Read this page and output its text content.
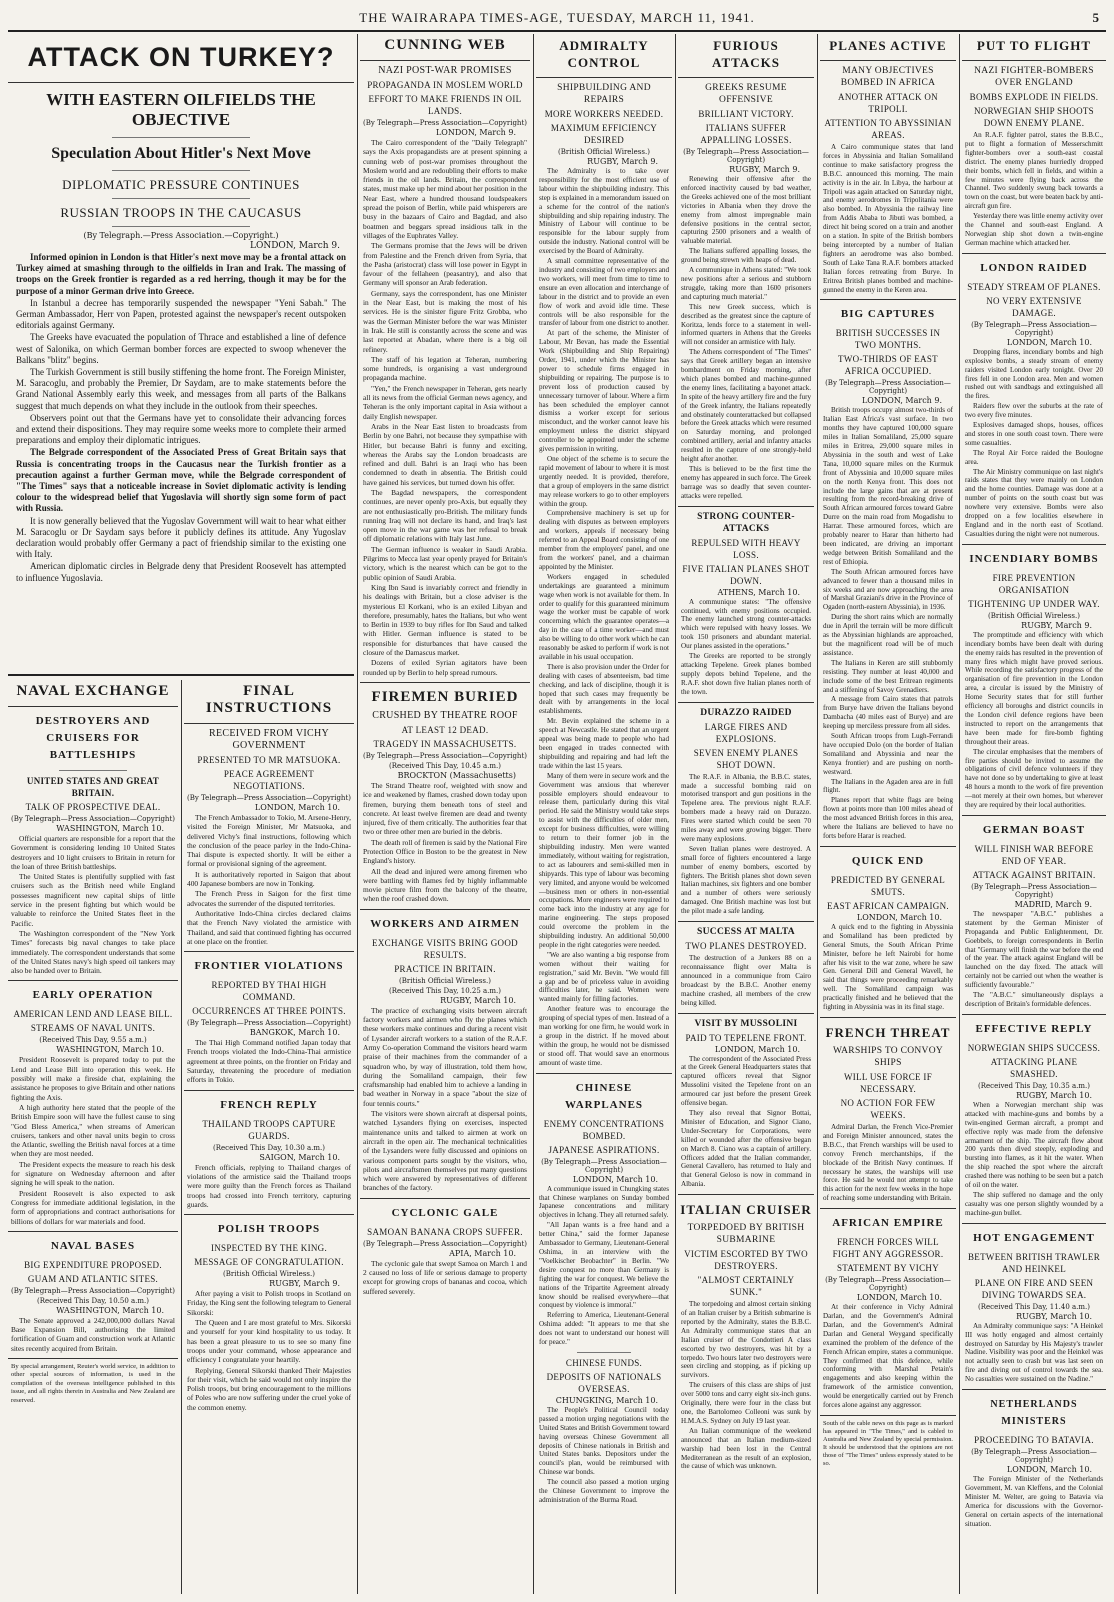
THE WAIRARAPA TIMES-AGE, TUESDAY, MARCH 11, 1941.	5
ATTACK ON TURKEY?
WITH EASTERN OILFIELDS THE OBJECTIVE
Speculation About Hitler's Next Move
DIPLOMATIC PRESSURE CONTINUES
RUSSIAN TROOPS IN THE CAUCASUS
(By Telegraph.—Press Association.—Copyright.)
LONDON, March 9.

Informed opinion in London is that Hitler's next move may be a frontal attack on Turkey aimed at smashing through to the oilfields in Iran and Irak. The massing of troops on the Greek frontier is regarded as a red herring, though it may be for the purpose of a minor German drive into Greece.

In Istanbul a decree has temporarily suspended the newspaper "Yeni Sabah." The German Ambassador, Herr von Papen, protested against the newspaper's recent outspoken editorials against Germany.

The Greeks have evacuated the population of Thrace and established a line of defence west of Salonika, on which German bomber forces are expected to swoop whenever the Balkans "blitz" begins.

The Turkish Government is still busily stiffening the home front. The Foreign Minister, M. Saracoglu, and probably the Premier, Dr Saydam, are to make statements before the Grand National Assembly early this week, and messages from all parts of the Balkans suggest that much depends on what they include in the outlook from their speeches.

Observers point out that the Germans have yet to consolidate their advancing forces and extend their dispositions. They may require some weeks more to complete their armed preparations and employ their diplomatic intrigues.

The Belgrade correspondent of the Associated Press of Great Britain says that Russia is concentrating troops in the Caucasus near the Turkish frontier as a precaution against a further German move, while the Belgrade correspondent of "The Times" says that a noticeable increase in Soviet diplomatic activity is lending colour to the widespread belief that Yugoslavia will shortly sign some form of pact with Russia.

It is now generally believed that the Yugoslav Government will wait to hear what either M. Saracoglu or Dr Saydam says before it publicly defines its attitude. Any Yugoslav declaration would probably offer Germany a pact of friendship similar to the existing one with Italy.

American diplomatic circles in Belgrade deny that President Roosevelt has attempted to influence Yugoslavia.

NAVAL EXCHANGE
DESTROYERS AND CRUISERS FOR BATTLESHIPS
UNITED STATES AND GREAT BRITAIN.
TALK OF PROSPECTIVE DEAL.
(By Telegraph—Press Association—Copyright)
WASHINGTON, March 10.

Official quarters are responsible for a report that the Government is considering lending 10 United States destroyers and 10 light cruisers to Britain in return for the loan of three British battleships.

The United States is plentifully supplied with fast cruisers such as the British need while England possesses magnificent new capital ships of little service in the present fighting but which would be valuable to reinforce the United States fleet in the Pacific.

The Washington correspondent of the "New York Times" forecasts big naval changes to take place immediately. The correspondent understands that some of the United States navy's high speed oil tankers may also be handed over to Britain.

EARLY OPERATION
AMERICAN LEND AND LEASE BILL.
STREAMS OF NAVAL UNITS.
(Received This Day, 9.55 a.m.)
WASHINGTON, March 10.

President Roosevelt is prepared today to put the Lend and Lease Bill into operation this week. He possibly will make a fireside chat, explaining the assistance he proposes to give Britain and other nations fighting the Axis.

A high authority here stated that the people of the British Empire soon will have the fullest cause to sing "God Bless America," when streams of American cruisers, tankers and other naval units begin to cross the Atlantic, swelling the British naval forces at a time when they are most needed.

The President expects the measure to reach his desk for signature on Wednesday afternoon and after signing he will speak to the nation.

President Roosevelt is also expected to ask Congress for immediate additional legislation, in the form of appropriations and contract authorisations for billions of dollars for war materials and food.

NAVAL BASES
BIG EXPENDITURE PROPOSED.
GUAM AND ATLANTIC SITES.
(By Telegraph—Press Association—Copyright)
(Received This Day, 10.50 a.m.)
WASHINGTON, March 10.

The Senate approved a 242,000,000 dollars Naval Base Expansion Bill, authorising the limited fortification of Guam and construction work at Atlantic sites recently acquired from Britain.

By special arrangement, Reuter's world service, in addition to other special sources of information, is used in the compilation of the overseas intelligence published in this issue, and all rights therein in Australia and New Zealand are reserved.
FINAL INSTRUCTIONS
RECEIVED FROM VICHY GOVERNMENT
PRESENTED TO MR MATSUOKA.
PEACE AGREEMENT NEGOTIATIONS.
(By Telegraph—Press Association—Copyright)
LONDON, March 10.

The French Ambassador to Tokio, M. Arsene-Henry, visited the Foreign Minister, Mr Matsuoka, and delivered Vichy's final instructions, following which the conclusion of the peace parley in the Indo-China-Thai dispute is expected shortly. It will be either a formal or provisional signing of the agreement.

It is authoritatively reported in Saigon that about 400 Japanese bombers are now in Tonking.

The French Press in Saigon for the first time advocates the surrender of the disputed territories.

Authoritative Indo-China circles declared claims that the French Navy violated the armistice with Thailand, and said that continued fighting has occurred at one place on the frontier.

FRONTIER VIOLATIONS
REPORTED BY THAI HIGH COMMAND.
OCCURRENCES AT THREE POINTS.
(By Telegraph—Press Association—Copyright)
BANGKOK, March 10.

The Thai High Command notified Japan today that French troops violated the Indo-China-Thai armistice agreement at three points, on the frontier on Friday and Saturday, threatening the procedure of mediation efforts in Tokio.

FRENCH REPLY
THAILAND TROOPS CAPTURE GUARDS.
(Received This Day, 10.30 a.m.)
SAIGON, March 10.

French officials, replying to Thailand charges of violations of the armistice said the Thailand troops were more guilty than the French forces as Thailand troops had crossed into French territory, capturing guards.

POLISH TROOPS
INSPECTED BY THE KING.
MESSAGE OF CONGRATULATION.
(British Official Wireless.)
RUGBY, March 9.

After paying a visit to Polish troops in Scotland on Friday, the King sent the following telegram to General Sikorski:

The Queen and I are most grateful to Mrs. Sikorski and yourself for your kind hospitality to us today. It has been a great pleasure to us to see so many fine troops under your command, whose appearance and efficiency I congratulate your heartily.

Replying, General Sikorski thanked Their Majesties for their visit, which he said would not only inspire the Polish troops, but bring encouragement to the millions of Poles who are now suffering under the cruel yoke of the common enemy.

CUNNING WEB
NAZI POST-WAR PROMISES
PROPAGANDA IN MOSLEM WORLD
EFFORT TO MAKE FRIENDS IN OIL LANDS.
(By Telegraph—Press Association—Copyright)
LONDON, March 9.

The Cairo correspondent of the "Daily Telegraph" says the Axis propagandists are at present spinning a cunning web of post-war promises throughout the Moslem world and are redoubling their efforts to make friends in the oil lands. Britain, the correspondent states, must make up her mind about her position in the Near East, where a hundred thousand loudspeakers spread the poison of Berlin, while paid whisperers are busy in the bazaars of Cairo and Bagdad, and also boatmen and beggars spread insidious talk in the villages of the Euphrates Valley.

The Germans promise that the Jews will be driven from Palestine and the French driven from Syria, that the Pasha (aristocrat) class will lose power in Egypt in favour of the fellaheen (peasantry), and also that Germany will sponsor an Arab federation.

Germany, says the correspondent, has one Minister in the Near East, but is making the most of his services. He is the sinister figure Fritz Grobba, who was the German Minister before the war was Minister in Irak. He still is constantly across the scene and was last reported at Abadan, where there is a big oil refinery.

The staff of his legation at Teheran, numbering some hundreds, is organising a vast underground propaganda machine.

"Yen," the French newspaper in Teheran, gets nearly all its news from the official German news agency, and Teheran is the only important capital in Asia without a daily English newspaper.

Arabs in the Near East listen to broadcasts from Berlin by one Bahri, not because they sympathise with Hitler, but because Bahri is funny and exciting, whereas the Arabs say the London broadcasts are refined and dull. Bahri is an Iraqi who has been condemned to death in absentia. The British could have gained his services, but turned down his offer.

The Bagdad newspapers, the correspondent continues, are never openly pro-Axis, but equally they are not enthusiastically pro-British. The military funds running Iraq will not declare its hand, and Iraq's last open move in the war game was her refusal to break off diplomatic relations with Italy last June.

The German influence is weaker in Saudi Arabia. Pilgrims to Mecca last year openly prayed for Britain's victory, which is the nearest which can be got to the public opinion of Saudi Arabia.

King Ibn Saud is invariably correct and friendly in his dealings with Britain, but a close adviser is the mysterious El Korkani, who is an exiled Libyan and therefore, presumably, hates the Italians, but who went to Berlin in 1939 to buy rifles for Ibn Saud and talked with Hitler. German influence is stated to be responsible for disturbances that have caused the closure of the Damascus market.

Dozens of exiled Syrian agitators have been rounded up by Berlin to help spread rumours.

FIREMEN BURIED
CRUSHED BY THEATRE ROOF
AT LEAST 12 DEAD.
TRAGEDY IN MASSACHUSETTS.
(By Telegraph—Press Association—Copyright)
(Received This Day, 10.45 a.m.)
BROCKTON (Massachusetts)

The Strand Theatre roof, weighted with snow and ice and weakened by flames, crashed down today upon firemen, burying them beneath tons of steel and concrete. At least twelve firemen are dead and twenty injured, five of them critically. The authorities fear that two or three other men are buried in the debris.

The death roll of firemen is said by the National Fire Protection Office in Boston to be the greatest in New England's history.

All the dead and injured were among firemen who were battling with flames fed by highly inflammable movie picture film from the balcony of the theatre, when the roof crashed down.

WORKERS AND AIRMEN
EXCHANGE VISITS BRING GOOD RESULTS.
PRACTICE IN BRITAIN.
(British Official Wireless.)
(Received This Day, 10.25 a.m.)
RUGBY, March 10.

The practice of exchanging visits between aircraft factory workers and airmen who fly the planes which these workers make continues and during a recent visit of Lysander aircraft workers to a station of the R.A.F. Army Co-operation Command the visitors heard warm praise of their machines from the commander of a squadron who, by way of illustration, told them how, during the Somaliland campaign, their few craftsmanship had enabled him to achieve a landing in bad weather in Norway in a space "about the size of four tennis courts."

The visitors were shown aircraft at dispersal points, watched Lysanders flying on exercises, inspected maintenance units and talked to airmen at work on aircraft in the open air. The mechanical technicalities of the Lysanders were fully discussed and opinions on various component parts sought by the visitors, who, pilots and aircraftsmen themselves put many questions which were answered by representatives of different branches of the factory.

CYCLONIC GALE
SAMOAN BANANA CROPS SUFFER.
(By Telegraph—Press Association—Copyright)
APIA, March 10.

The cyclonic gale that swept Samoa on March 1 and 2 caused no loss of life or serious damage to property except for growing crops of bananas and cocoa, which suffered severely.

ADMIRALTY CONTROL
SHIPBUILDING AND REPAIRS
MORE WORKERS NEEDED.
MAXIMUM EFFICIENCY DESIRED
(British Official Wireless.)
RUGBY, March 9.

The Admiralty is to take over responsibility for the most efficient use of labour within the shipbuilding industry. This step is explained in a memorandum issued on a scheme for the control of the nation's shipbuilding and ship repairing industry. The Ministry of Labour will continue to be responsible for the labour supply from outside the industry. National control will be exercised by the Board of Admiralty.

A small committee representative of the industry and consisting of two employers and two workers, will meet from time to time to ensure an even allocation and interchange of labour in the district and to provide an even flow of work and avoid idle time. These controls will be also responsible for the transfer of labour from one district to another.

At part of the scheme, the Minister of Labour, Mr Bevan, has made the Essential Work (Shipbuilding and Ship Repairing) Order, 1941, under which the Minister has power to schedule firms engaged in shipbuilding or repairing. The purpose is to prevent loss of production caused by unnecessary turnover of labour. Where a firm has been scheduled the employer cannot dismiss a worker except for serious misconduct, and the worker cannot leave his employment unless the district shipyard controller to be appointed under the scheme gives permission in writing.

One object of the scheme is to secure the rapid movement of labour to where it is most urgently needed. It is provided, therefore, that a group of employers in the same district may release workers to go to other employers within the group.

Comprehensive machinery is set up for dealing with disputes as between employers and workers, appeals if necessary being referred to an Appeal Board consisting of one member from the employers' panel, and one from the workers' panel, and a chairman appointed by the Minister.

Workers engaged in scheduled undertakings are guaranteed a minimum wage when work is not available for them. In order to qualify for this guaranteed minimum wage the worker must be capable of work concerning which the guarantee operates—a day in the case of a time worker—and must also be willing to do other work which he can reasonably be asked to perform if work is not available in his usual occupation.

There is also provision under the Order for dealing with cases of absenteeism, bad time checking, and lack of discipline, though it is hoped that such cases may frequently be dealt with by arrangements in the local establishments.

Mr. Bevin explained the scheme in a speech at Newcastle. He stated that an urgent appeal was being made to people who had been engaged in trades connected with shipbuilding and repairing and had left the trade within the last 15 years.

Many of them were in secure work and the Government was anxious that wherever possible employers should endeavour to release them, particularly during this vital period. He said the Ministry would take steps to assist with the difficulties of older men, except for business difficulties, were willing to return to their former job in the shipbuilding industry. Men were wanted immediately, without waiting for registration, to act as labourers and semi-skilled men in shipyards. This type of labour was becoming very limited, and anyone would be welcomed—business men or others in non-essential occupations. More engineers were required to come back into the industry at any age for marine engineering. The steps proposed could overcome the problem in the shipbuilding industry. An additional 50,000 people in the right categories were needed.

"We are also wanting a big response from women without their waiting for registration," said Mr. Bevin. "We would fill a gap and be of priceless value in avoiding difficulties later, he said. Women were wanted mainly for filling factories.

Another feature was to encourage the grouping of special types of men. Instead of a man working for one firm, he would work in a group in the district. If he moved about within the group, he would not be dismissed or stood off. That would save an enormous amount of waste time.

CHINESE WARPLANES
ENEMY CONCENTRATIONS BOMBED.
JAPANESE ASPIRATIONS.
(By Telegraph—Press Association—Copyright)
LONDON, March 10.

A communique issued in Chungking states that Chinese warplanes on Sunday bombed Japanese concentrations and military objectives in Ichang. They all returned safely.

"All Japan wants is a free hand and a better China," said the former Japanese Ambassador to Germany, Lieutenant-General Oshima, in an interview with the "Voelkischer Beobachter" in Berlin. "We desire conquest no more than Germany is fighting the war for conquest. We believe the nations of the Tripartite Agreement already know should be realised everywhere—that conquest by violence is immoral."

Referring to America, Lieutenant-General Oshima added: "It appears to me that she does not want to understand our honest will for peace."

CHINESE FUNDS.
DEPOSITS OF NATIONALS OVERSEAS.
CHUNGKING, March 10.

The People's Political Council today passed a motion urging negotiations with the United States and British Government toward having overseas Chinese Government all deposits of Chinese nationals in British and United States banks. Depositors under the council's plan, would be reimbursed with Chinese war bonds.

The council also passed a motion urging the Chinese Government to improve the administration of the Burma Road.

FURIOUS ATTACKS
GREEKS RESUME OFFENSIVE
BRILLIANT VICTORY.
ITALIANS SUFFER APPALLING LOSSES.
(By Telegraph—Press Association—Copyright)
RUGBY, March 9.

Renewing their offensive after the enforced inactivity caused by bad weather, the Greeks achieved one of the most brilliant victories in Albania when they drove the enemy from almost impregnable main defensive positions in the central sector, capturing 2500 prisoners and a wealth of valuable material.

The Italians suffered appalling losses, the ground being strewn with heaps of dead.

A communique in Athens stated: "We took new positions after a serious and stubborn struggle, taking more than 1600 prisoners and capturing much material."

This new Greek success, which is described as the greatest since the capture of Koritza, lends force to a statement in well-informed quarters in Athens that the Greeks will not consider an armistice with Italy.

The Athens correspondent of "The Times" says that Greek artillery began an intensive bombardment on Friday morning, after which planes bombed and machine-gunned the enemy lines, facilitating a bayonet attack. In spite of the heavy artillery fire and the fury of the Greek infantry, the Italians repeatedly and obstinately counterattacked but collapsed before the Greek attacks which were resumed on Saturday morning, and prolonged combined artillery, aerial and infantry attacks resulted in the capture of one strongly-held height after another.

This is believed to be the first time the enemy has appeared in such force. The Greek barrage was so deadly that seven counter-attacks were repelled.

STRONG COUNTER-ATTACKS
REPULSED WITH HEAVY LOSS.
FIVE ITALIAN PLANES SHOT DOWN.
ATHENS, March 10.

A communique states: "The offensive continued, with enemy positions occupied. The enemy launched strong counter-attacks which were repulsed with heavy losses. We took 150 prisoners and abundant material. Our planes assisted in the operations."

The Greeks are reported to be strongly attacking Tepelene. Greek planes bombed supply depots behind Tepelene, and the R.A.F. shot down five Italian planes north of the town.

DURAZZO RAIDED
LARGE FIRES AND EXPLOSIONS.
SEVEN ENEMY PLANES SHOT DOWN.

The R.A.F. in Albania, the B.B.C. states, made a successful bombing raid on motorised transport and gun positions in the Tepelene area. The previous night R.A.F. bombers made a heavy raid on Durazzo. Fires were started which could be seen 70 miles away and were growing bigger. There were many explosions.

Seven Italian planes were destroyed. A small force of fighters encountered a large number of enemy bombers, escorted by fighters. The British planes shot down seven Italian machines, six fighters and one bomber and a number of others were seriously damaged. One British machine was lost but the pilot made a safe landing.

SUCCESS AT MALTA
TWO PLANES DESTROYED.

The destruction of a Junkers 88 on a reconnaissance flight over Malta is announced in a communique from Cairo broadcast by the B.B.C. Another enemy machine crashed, all members of the crew being killed.

VISIT BY MUSSOLINI
PAID TO TEPELENE FRONT.
LONDON, March 10.

The correspondent of the Associated Press at the Greek General Headquarters states that captured officers reveal that Signor Mussolini visited the Tepelene front on an armoured car just before the present Greek offensive began.

They also reveal that Signor Bottai, Minister of Education, and Signor Ciano, Under-Secretary for Corporations, were killed or wounded after the offensive began on March 8. Ciano was a captain of artillery. Officers added that the Italian commander, General Cavallero, has returned to Italy and that General Geloso is now in command in Albania.

ITALIAN CRUISER
TORPEDOED BY BRITISH SUBMARINE
VICTIM ESCORTED BY TWO DESTROYERS.
"ALMOST CERTAINLY SUNK."

The torpedoing and almost certain sinking of an Italian cruiser by a British submarine is reported by the Admiralty, states the B.B.C. An Admiralty communique states that an Italian cruiser of the Condottieri A class escorted by two destroyers, was hit by a torpedo. Two hours later two destroyers were seen circling and stopping, as if picking up survivors.

The cruisers of this class are ships of just over 5000 tons and carry eight six-inch guns. Originally, there were four in the class but one, the Bartolomeo Colleoni was sunk by H.M.A.S. Sydney on July 19 last year.

An Italian communique of the weekend announced that an Italian medium-sized warship had been lost in the Central Mediterranean as the result of an explosion, the cause of which was unknown.

PLANES ACTIVE
MANY OBJECTIVES BOMBED IN AFRICA
ANOTHER ATTACK ON TRIPOLI.
ATTENTION TO ABYSSINIAN AREAS.

A Cairo communique states that land forces in Abyssinia and Italian Somaliland continue to make satisfactory progress the B.B.C. announced this morning. The main activity is in the air. In Libya, the harbour at Tripoli was again attacked on Saturday night, and enemy aerodromes in Tripolitania were also bombed. In Abyssinia the railway line from Addis Ababa to Jibuti was bombed, a direct hit being scored on a train and another on a station. In spite of the British bombers being intercepted by a number of Italian fighters an aerodrome was also bombed. South of Lake Tana R.A.F. bombers attacked Italian forces retreating from Burye. In Eritrea British planes bombed and machine-gunned the enemy in the Keren area.

BIG CAPTURES
BRITISH SUCCESSES IN TWO MONTHS.
TWO-THIRDS OF EAST AFRICA OCCUPIED.
(By Telegraph—Press Association—Copyright)
LONDON, March 9.

British troops occupy almost two-thirds of Italian East Africa's vast surface. In two months they have captured 100,000 square miles in Italian Somaliland, 25,000 square miles in Eritrea, 29,000 square miles in Abyssinia in the south and west of Lake Tana, 10,000 square miles on the Kurmuk front of Abyssinia and 10,000 square miles on the north Kenya front. This does not include the large gains that are at present resulting from the record-breaking drive of South African armoured forces toward Gabre Durre on the main road from Mogadishu to Harrar. These armoured forces, which are probably nearer to Harar than hitherto had been indicated, are driving an important wedge between British Somaliland and the rest of Ethiopia.

The South African armoured forces have advanced to fewer than a thousand miles in six weeks and are now approaching the area of Marshal Graziani's drive in the Province of Ogaden (north-eastern Abyssinia), in 1936.

During the short rains which are normally due in April the terrain will be more difficult as the Abyssinian highlands are approached, but the magnificent road will be of much assistance.

The Italians in Keren are still stubbornly resisting. They number at least 40,000 and include some of the best Eritrean regiments and a stiffening of Savoy Grenadiers.

A message from Cairo states that patrols from Burye have driven the Italians beyond Dambacha (40 miles east of Burye) and are keeping up merciless pressure from all sides.

South African troops from Lugh-Ferrandi have occupied Dolo (on the border of Italian Somaliland and Abyssinia and near the Kenya frontier) and are pushing on north-westward.

The Italians in the Agaden area are in full flight.

Planes report that white flags are being flown at points more than 100 miles ahead of the most advanced British forces in this area, where the Italians are believed to have no forts before Harar is reached.

QUICK END
PREDICTED BY GENERAL SMUTS.
EAST AFRICAN CAMPAIGN.
LONDON, March 10.

A quick end to the fighting in Abyssinia and Somaliland has been predicted by General Smuts, the South African Prime Minister, before he left Nairobi for home after his visit to the war zone, where he saw Gen. General Dill and General Wavell, he said that things were proceeding remarkably well. The Somaliland campaign was practically finished and he believed that the fighting in Abyssinia was in its final stage.

FRENCH THREAT
WARSHIPS TO CONVOY SHIPS
WILL USE FORCE IF NECESSARY.
NO ACTION FOR FEW WEEKS.

Admiral Darlan, the French Vice-Premier and Foreign Minister announced, states the B.B.C., that French warships will be used to convoy French merchantships, if the blockade of the British Navy continues. If necessary he states, the warships will use force. He said he would not attempt to take this action for the next few weeks in the hope of reaching some understanding with Britain.

AFRICAN EMPIRE
FRENCH FORCES WILL FIGHT ANY AGGRESSOR.
STATEMENT BY VICHY
(By Telegraph—Press Association—Copyright)
LONDON, March 10.

At their conference in Vichy Admiral Darlan, and the Government's Admiral Darlan, and the Government's Admiral Darlan and General Weygand specifically examined the problem of the defence of the French African empire, states a communique. They confirmed that this defence, while conforming with Marshal Petain's engagements and also keeping within the framework of the armistice convention, would be energetically carried out by French forces alone against any aggressor.

South of the cable news on this page as is marked has appeared in "The Times," and is cabled to Australia and New Zealand by special permission. It should be understood that the opinions are not those of "The Times" unless expressly stated to be so.
PUT TO FLIGHT
NAZI FIGHTER-BOMBERS OVER ENGLAND
BOMBS EXPLODE IN FIELDS.
NORWEGIAN SHIP SHOOTS DOWN ENEMY PLANE.

An R.A.F. fighter patrol, states the B.B.C., put to flight a formation of Messerschmitt fighter-bombers over a south-east coastal district. The enemy planes hurriedly dropped their bombs, which fell in fields, and within a few minutes were flying back across the Channel. Two suddenly swung back towards a town on the coast, but were beaten back by anti-aircraft gun fire.

Yesterday there was little enemy activity over the Channel and south-east England. A Norwegian ship shot down a twin-engine German machine which attacked her.

LONDON RAIDED
STEADY STREAM OF PLANES.
NO VERY EXTENSIVE DAMAGE.
(By Telegraph—Press Association—Copyright)
LONDON, March 10.

Dropping flares, incendiary bombs and high explosive bombs, a steady stream of enemy raiders visited London early tonight. Over 20 fires fell in one London area. Men and women rushed out with sandbags and extinguished all the fires.

Raiders flew over the suburbs at the rate of two every five minutes.

Explosives damaged shops, houses, offices and stores in one south coast town. There were some casualties.

The Royal Air Force raided the Boulogne area.

The Air Ministry communique on last night's raids states that they were mainly on London and the home counties. Damage was done at a number of points on the south coast but was nowhere very extensive. Bombs were also dropped on a few localities elsewhere in England and in the north east of Scotland. Casualties during the night were not numerous.

INCENDIARY BOMBS
FIRE PREVENTION ORGANISATION
TIGHTENING UP UNDER WAY.
(British Official Wireless.)
RUGBY, March 9.

The promptitude and efficiency with which incendiary bombs have been dealt with during the enemy raids has resulted in the prevention of many fires which might have proved serious. While recording the satisfactory progress of the organisation of fire prevention in the London area, a circular is issued by the Ministry of Home Security states that for still further efficiency all boroughs and district councils in the London civil defence regions have been instructed to report on the arrangements that have been made for fire-bomb fighting throughout their areas.

The circular emphasises that the members of fire parties should be invited to assume the obligations of civil defence volunteers if they have not done so by undertaking to give at least 48 hours a month to the work of fire prevention—not merely at their own homes, but wherever they are required by their local authorities.

GERMAN BOAST
WILL FINISH WAR BEFORE END OF YEAR.
ATTACK AGAINST BRITAIN.
(By Telegraph—Press Association—Copyright)
MADRID, March 9.

The newspaper "A.B.C." publishes a statement by the German Minister of Propaganda and Public Enlightenment, Dr. Goebbels, to foreign correspondents in Berlin that "Germany will finish the war before the end of the year. The attack against England will be launched on the day fixed. The attack will certainly not be carried out when the weather is sufficiently favourable."

The "A.B.C." simultaneously displays a description of Britain's formidable defences.

EFFECTIVE REPLY
NORWEGIAN SHIPS SUCCESS.
ATTACKING PLANE SMASHED.
(Received This Day, 10.35 a.m.)
RUGBY, March 10.

When a Norwegian merchant ship was attacked with machine-guns and bombs by a twin-engined German aircraft, a prompt and effective reply was made from the defensive armament of the ship. The aircraft flew about 200 yards then dived steeply, exploding and bursting into flames, as it hit the water. When the ship reached the spot where the aircraft crashed there was nothing to be seen but a patch of oil on the water.

The ship suffered no damage and the only casualty was one person slightly wounded by a machine-gun bullet.

HOT ENGAGEMENT
BETWEEN BRITISH TRAWLER AND HEINKEL
PLANE ON FIRE AND SEEN DIVING TOWARDS SEA.
(Received This Day, 11.40 a.m.)
RUGBY, March 10.

An Admiralty communique says: "A Heinkel III was hotly engaged and almost certainly destroyed on Saturday by His Majesty's trawler Nadine. Visibility was poor and the Heinkel was not actually seen to crash but was last seen on fire and diving out of control towards the sea. No casualties were sustained on the Nadine."

NETHERLANDS MINISTERS
PROCEEDING TO BATAVIA.
(By Telegraph—Press Association—Copyright)
LONDON, March 10.

The Foreign Minister of the Netherlands Government, M. van Kleffens, and the Colonial Minister M. Welter, are going to Batavia via America for discussions with the Governor-General on certain aspects of the international situation.
